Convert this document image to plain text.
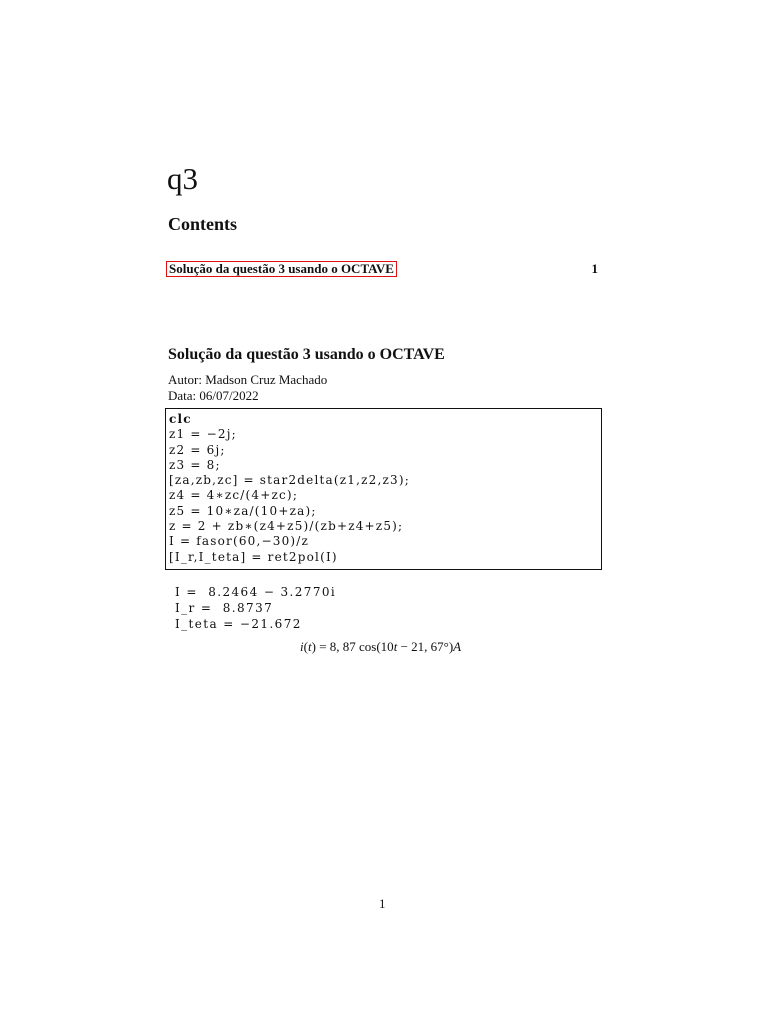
q3
Contents
Solução da questão 3 usando o OCTAVE	1
Solução da questão 3 usando o OCTAVE
Autor: Madson Cruz Machado
Data: 06/07/2022
clc
z1 = −2j;
z2 = 6j;
z3 = 8;
[za,zb,zc] = star2delta(z1,z2,z3);
z4 = 4∗zc/(4+zc);
z5 = 10∗za/(10+za);
z = 2 + zb∗(z4+z5)/(zb+z4+z5);
I = fasor(60,−30)/z
[I_r,I_teta] = ret2pol(I)
I =  8.2464 − 3.2770i
I_r =  8.8737
I_teta = −21.672
i(t) = 8, 87 cos(10t − 21, 67°)A
1
